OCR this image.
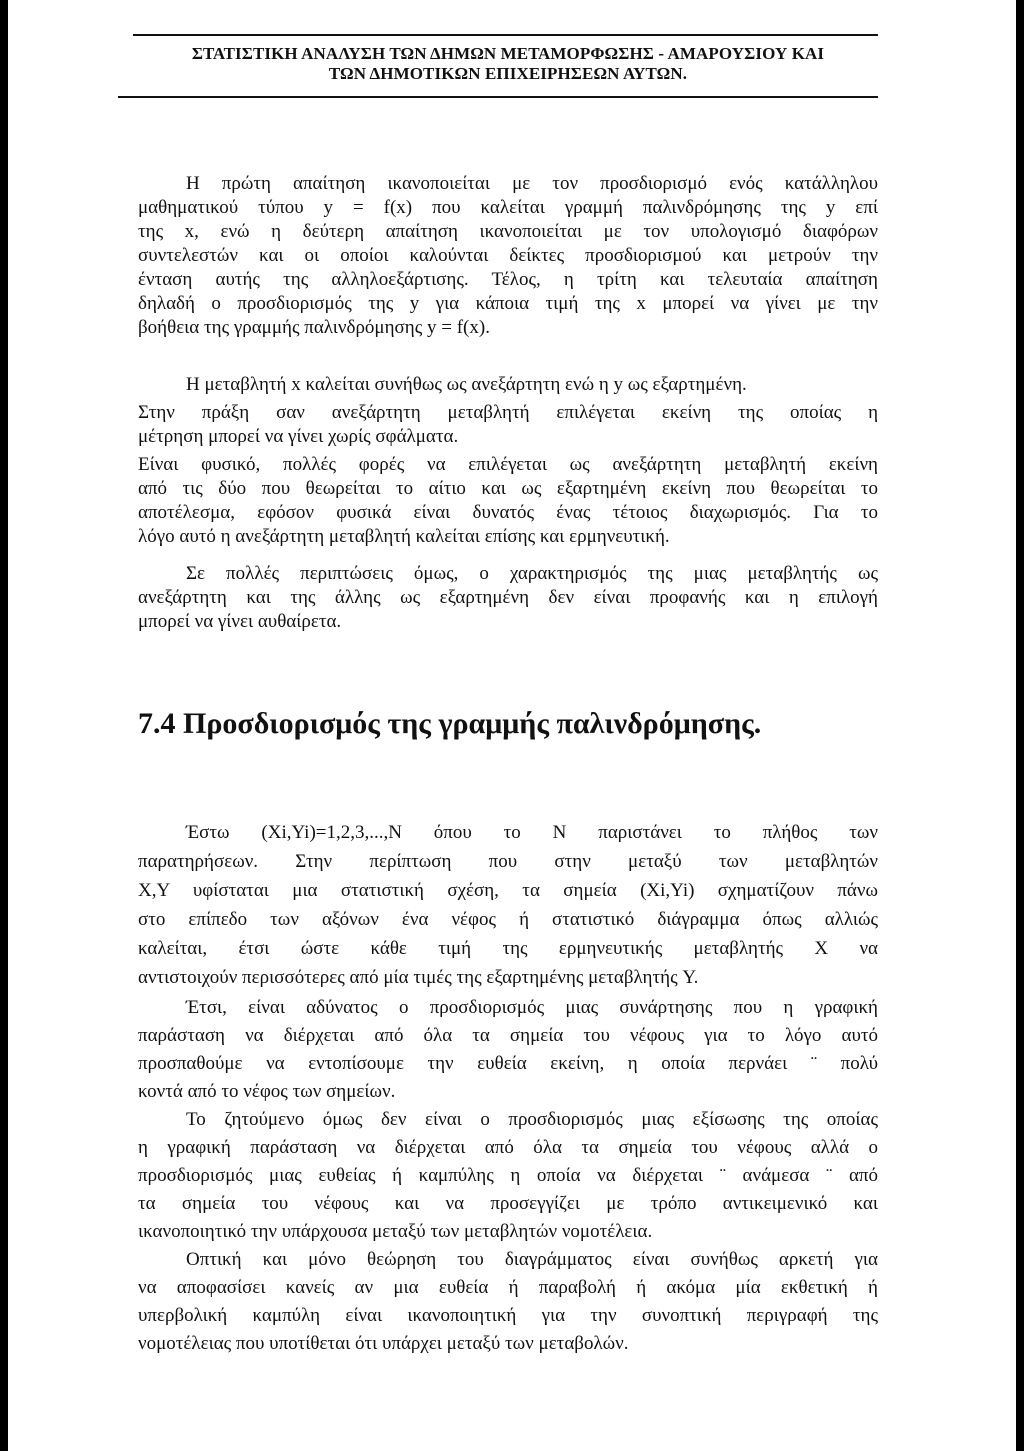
ΣΤΑΤΙΣΤΙΚΗ ΑΝΑΛΥΣΗ ΤΩΝ ΔΗΜΩΝ ΜΕΤΑΜΟΡΦΩΣΗΣ - ΑΜΑΡΟΥΣΙΟΥ ΚΑΙ
ΤΩΝ ΔΗΜΟΤΙΚΩΝ ΕΠΙΧΕΙΡΗΣΕΩΝ ΑΥΤΩΝ.

Η πρώτη απαίτηση ικανοποιείται με τον προσδιορισμό ενός κατάλληλου
μαθηματικού τύπου y = f(x) που καλείται γραμμή παλινδρόμησης της y επί
της x, ενώ η δεύτερη απαίτηση ικανοποιείται με τον υπολογισμό διαφόρων
συντελεστών και οι οποίοι καλούνται δείκτες προσδιορισμού και μετρούν την
ένταση αυτής της αλληλοεξάρτισης. Τέλος, η τρίτη και τελευταία απαίτηση
δηλαδή ο προσδιορισμός της y για κάποια τιμή της x μπορεί να γίνει με την
βοήθεια της γραμμής παλινδρόμησης y = f(x).

Η μεταβλητή x καλείται συνήθως ως ανεξάρτητη ενώ η y ως εξαρτημένη.

Στην πράξη σαν ανεξάρτητη μεταβλητή επιλέγεται εκείνη της οποίας η
μέτρηση μπορεί να γίνει χωρίς σφάλματα.

Είναι φυσικό, πολλές φορές να επιλέγεται ως ανεξάρτητη μεταβλητή εκείνη
από τις δύο που θεωρείται το αίτιο και ως εξαρτημένη εκείνη που θεωρείται το
αποτέλεσμα, εφόσον φυσικά είναι δυνατός ένας τέτοιος διαχωρισμός. Για το
λόγο αυτό η ανεξάρτητη μεταβλητή καλείται επίσης και ερμηνευτική.

Σε πολλές περιπτώσεις όμως, ο χαρακτηρισμός της μιας μεταβλητής ως
ανεξάρτητη και της άλλης ως εξαρτημένη δεν είναι προφανής και η επιλογή
μπορεί να γίνει αυθαίρετα.

7.4 Προσδιορισμός της γραμμής παλινδρόμησης.

Έστω (Xi,Yi)=1,2,3,...,N όπου το N παριστάνει το πλήθος των
παρατηρήσεων. Στην περίπτωση που στην μεταξύ των μεταβλητών
X,Y υφίσταται μια στατιστική σχέση, τα σημεία (Xi,Yi) σχηματίζουν πάνω
στο επίπεδο των αξόνων ένα νέφος ή στατιστικό διάγραμμα όπως αλλιώς
καλείται, έτσι ώστε κάθε τιμή της ερμηνευτικής μεταβλητής X να
αντιστοιχούν περισσότερες από μία τιμές της εξαρτημένης μεταβλητής Y.

Έτσι, είναι αδύνατος ο προσδιορισμός μιας συνάρτησης που η γραφική
παράσταση να διέρχεται από όλα τα σημεία του νέφους για το λόγο αυτό
προσπαθούμε να εντοπίσουμε την ευθεία εκείνη, η οποία περνάει ¨ πολύ
κοντά από το νέφος των σημείων.

Το ζητούμενο όμως δεν είναι ο προσδιορισμός μιας εξίσωσης της οποίας
η γραφική παράσταση να διέρχεται από όλα τα σημεία του νέφους αλλά ο
προσδιορισμός μιας ευθείας ή καμπύλης η οποία να διέρχεται ¨ ανάμεσα ¨ από
τα σημεία του νέφους και να προσεγγίζει με τρόπο αντικειμενικό και
ικανοποιητικό την υπάρχουσα μεταξύ των μεταβλητών νομοτέλεια.

Οπτική και μόνο θεώρηση του διαγράμματος είναι συνήθως αρκετή για
να αποφασίσει κανείς αν μια ευθεία ή παραβολή ή ακόμα μία εκθετική ή
υπερβολική καμπύλη είναι ικανοποιητική για την συνοπτική περιγραφή της
νομοτέλειας που υποτίθεται ότι υπάρχει μεταξύ των μεταβολών.
